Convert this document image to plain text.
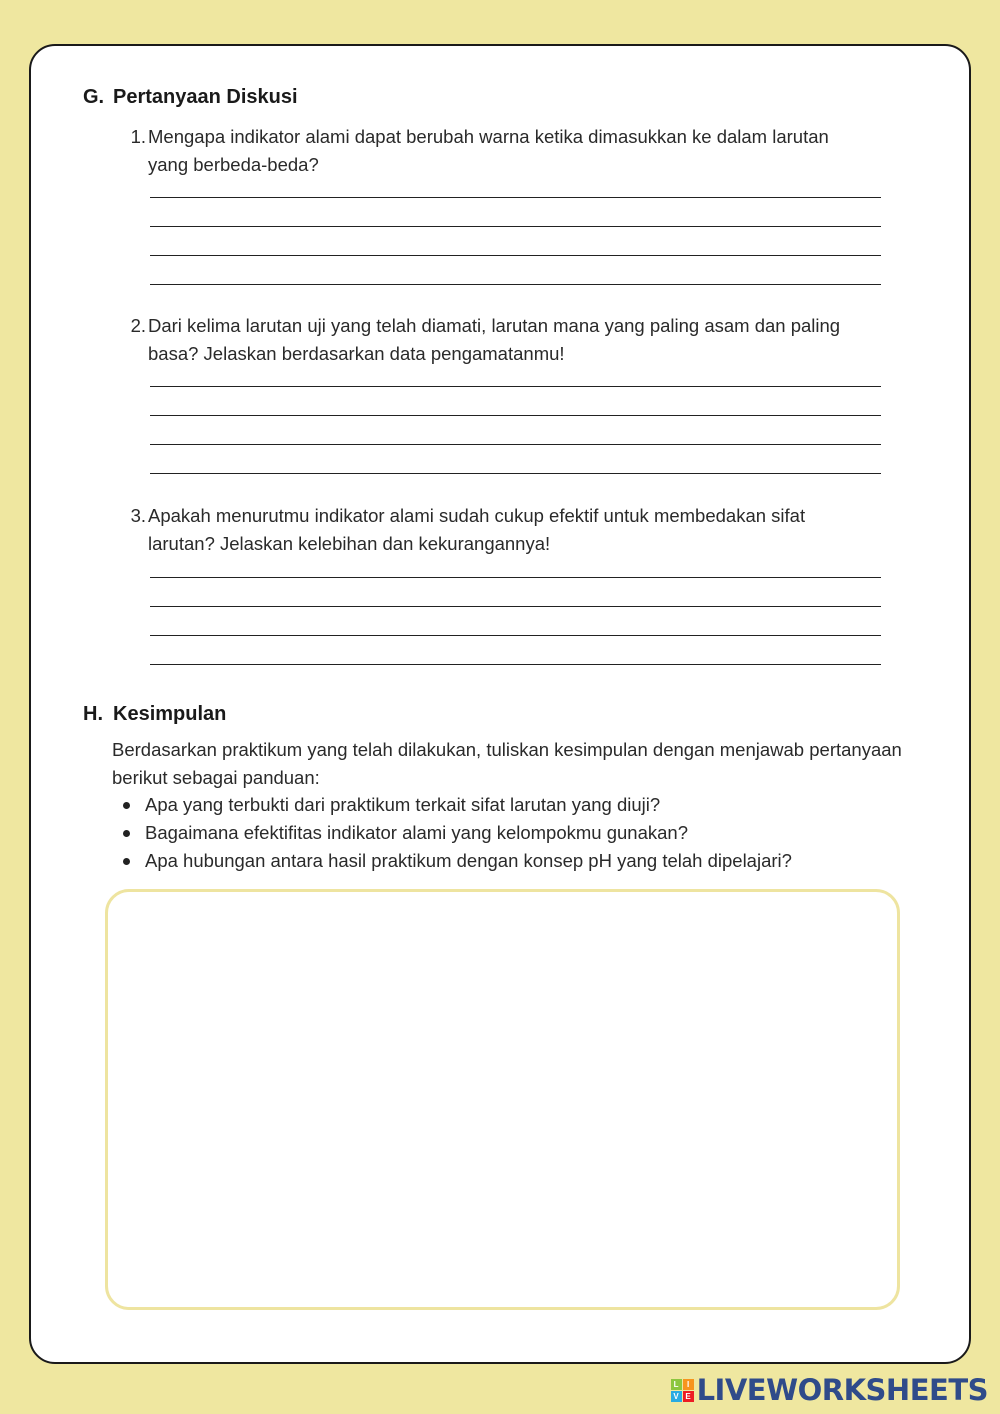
G. Pertanyaan Diskusi
1. Mengapa indikator alami dapat berubah warna ketika dimasukkan ke dalam larutan yang berbeda-beda?
2. Dari kelima larutan uji yang telah diamati, larutan mana yang paling asam dan paling basa? Jelaskan berdasarkan data pengamatanmu!
3. Apakah menurutmu indikator alami sudah cukup efektif untuk membedakan sifat larutan? Jelaskan kelebihan dan kekurangannya!
H. Kesimpulan
Berdasarkan praktikum yang telah dilakukan, tuliskan kesimpulan dengan menjawab pertanyaan berikut sebagai panduan:
Apa yang terbukti dari praktikum terkait sifat larutan yang diuji?
Bagaimana efektifitas indikator alami yang kelompokmu gunakan?
Apa hubungan antara hasil praktikum dengan konsep pH yang telah dipelajari?
L	I
V E LIVEWORKSHEETS
